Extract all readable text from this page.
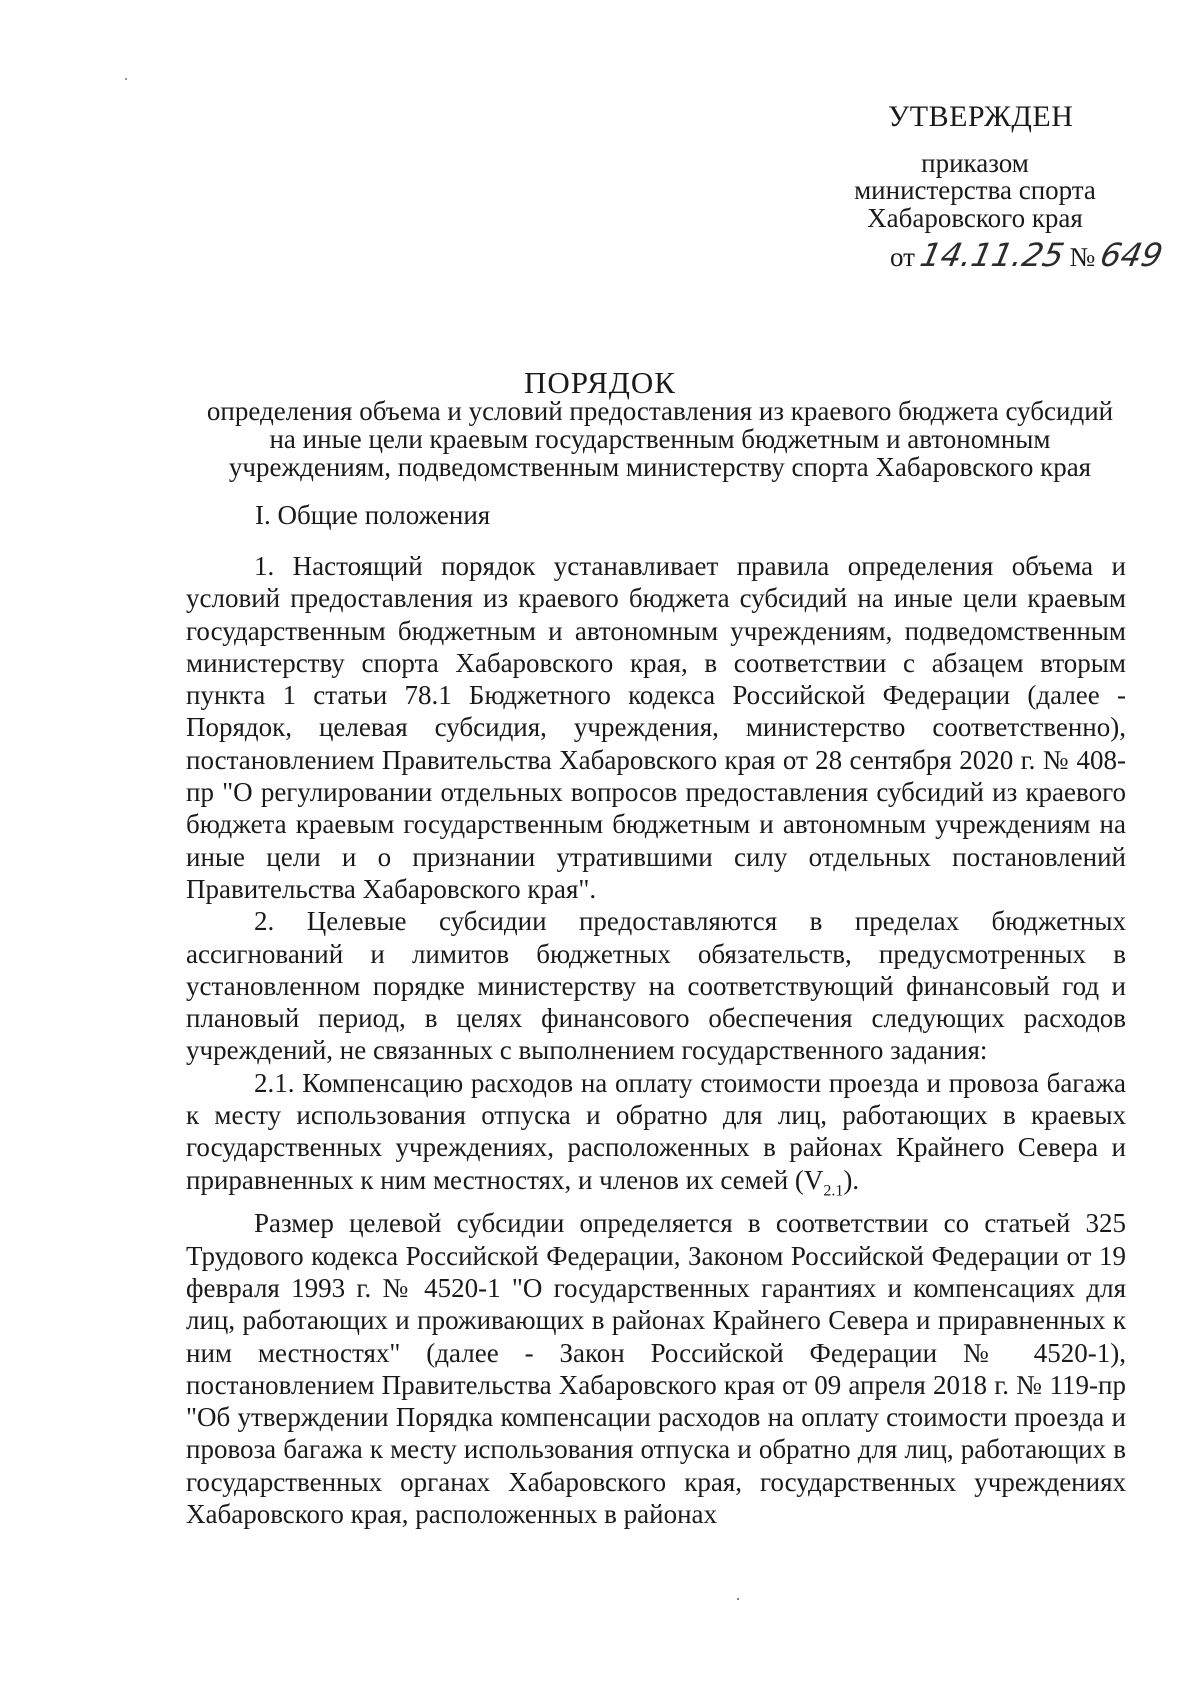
УТВЕРЖДЕН
приказом
министерства спорта
Хабаровского края
от 14.11.25 № 649
ПОРЯДОК
определения объема и условий предоставления из краевого бюджета субсидий на иные цели краевым государственным бюджетным и автономным учреждениям, подведомственным министерству спорта Хабаровского края
I. Общие положения

1. Настоящий порядок устанавливает правила определения объема и условий предоставления из краевого бюджета субсидий на иные цели краевым государственным бюджетным и автономным учреждениям, подведомственным министерству спорта Хабаровского края, в соответствии с абзацем вторым пункта 1 статьи 78.1 Бюджетного кодекса Российской Федерации (далее - Порядок, целевая субсидия, учреждения, министерство соответственно), постановлением Правительства Хабаровского края от 28 сентября 2020 г. № 408-пр "О регулировании отдельных вопросов предоставления субсидий из краевого бюджета краевым государственным бюджетным и автономным учреждениям на иные цели и о признании утратившими силу отдельных постановлений Правительства Хабаровского края".

2. Целевые субсидии предоставляются в пределах бюджетных ассигнований и лимитов бюджетных обязательств, предусмотренных в установленном порядке министерству на соответствующий финансовый год и плановый период, в целях финансового обеспечения следующих расходов учреждений, не связанных с выполнением государственного задания:

2.1. Компенсацию расходов на оплату стоимости проезда и провоза багажа к месту использования отпуска и обратно для лиц, работающих в краевых государственных учреждениях, расположенных в районах Крайнего Севера и приравненных к ним местностях, и членов их семей $(V_{2.1})$.

Размер целевой субсидии определяется в соответствии со статьей 325 Трудового кодекса Российской Федерации, Законом Российской Федерации от 19 февраля 1993 г. № 4520-1 "О государственных гарантиях и компенсациях для лиц, работающих и проживающих в районах Крайнего Севера и приравненных к ним местностях" (далее - Закон Российской Федерации № 4520-1), постановлением Правительства Хабаровского края от 09 апреля 2018 г. № 119-пр "Об утверждении Порядка компенсации расходов на оплату стоимости проезда и провоза багажа к месту использования отпуска и обратно для лиц, работающих в государственных органах Хабаровского края, государственных учреждениях Хабаровского края, расположенных в районах
